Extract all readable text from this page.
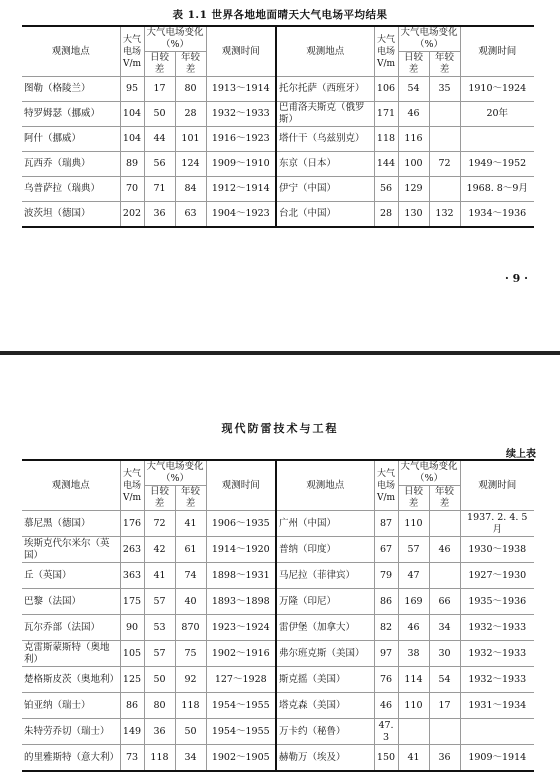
表 1.1 世界各地地面晴天大气电场平均结果
观测地点	大气电场V/m	大气电场变化（%）		观测时间	观测地点	大气电场V/m	大气电场变化（%）		观测时间
		日较差	年较差				日较差	年较差	
图勒（格陵兰）	95	17	80	1913～1914	托尔托萨（西班牙）	106	54	35	1910～1924
特罗姆瑟（挪威）	104	50	28	1932～1933	巴甫洛夫斯克（俄罗斯）	171	46		20年
阿什（挪威）	104	44	101	1916～1923	塔什干（乌兹别克）	118	116		
瓦西乔（瑞典）	89	56	124	1909～1910	东京（日本）	144	100	72	1949～1952
乌普萨拉（瑞典）	70	71	84	1912～1914	伊宁（中国）	56	129		1968. 8～9月
波茨坦（德国）	202	36	63	1904～1923	台北（中国）	28	130	132	1934～1936
· 9 ·
现代防雷技术与工程
续上表
观测地点	大气电场V/m	大气电场变化（%）		观测时间	观测地点	大气电场V/m	大气电场变化（%）		观测时间
		日较差	年较差				日较差	年较差	
慕尼黑（德国）	176	72	41	1906～1935	广州（中国）	87	110		1937. 2. 4. 5月
埃斯克代尔米尔（英国）	263	42	61	1914～1920	普纳（印度）	67	57	46	1930～1938
丘（英国）	363	41	74	1898～1931	马尼拉（菲律宾）	79	47		1927～1930
巴黎（法国）	175	57	40	1893～1898	万隆（印尼）	86	169	66	1935～1936
瓦尔乔部（法国）	90	53	870	1923～1924	雷伊堡（加拿大）	82	46	34	1932～1933
克雷斯蒙斯特（奥地利）	105	57	75	1902～1916	弗尔班克斯（美国）	97	38	30	1932～1933
楚格斯皮茨（奥地利）	125	50	92	127～1928	斯克摇（美国）	76	114	54	1932～1933
铂亚纳（瑞士）	86	80	118	1954～1955	塔克森（美国）	46	110	17	1931～1934
朱特劳乔切（瑞士）	149	36	50	1954～1955	万卡约（秘鲁）	47. 3			
的里雅斯特（意大利）	73	118	34	1902～1905	赫勒万（埃及）	150	41	36	1909～1914
